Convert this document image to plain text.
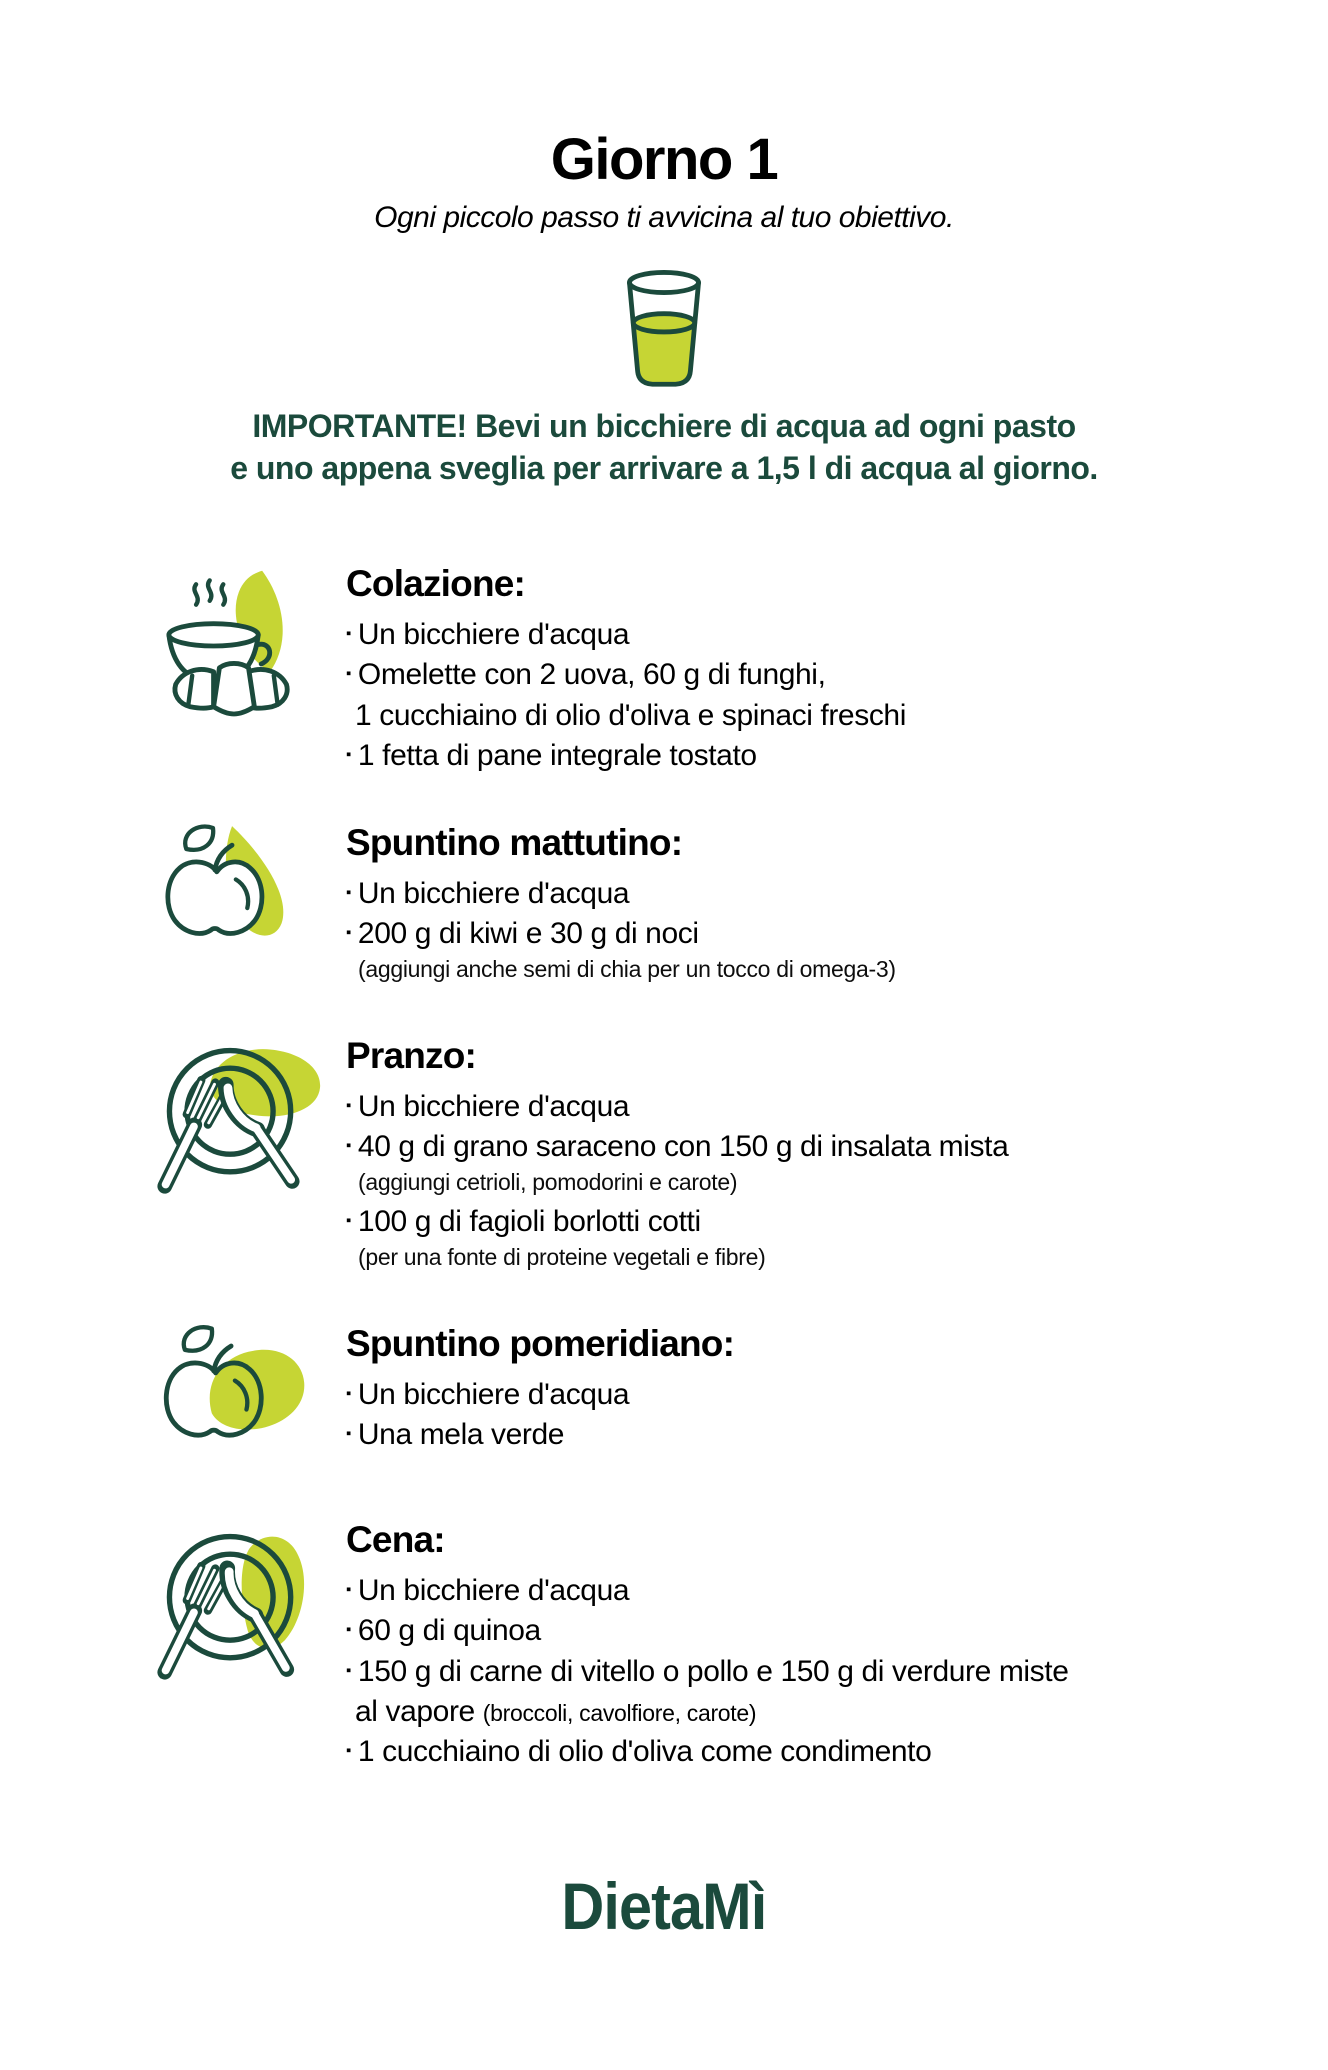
Giorno 1
Ogni piccolo passo ti avvicina al tuo obiettivo.
IMPORTANTE! Bevi un bicchiere di acqua ad ogni pasto
e uno appena sveglia per arrivare a 1,5 l di acqua al giorno.
Colazione:
▪ Un bicchiere d'acqua
▪ Omelette con 2 uova, 60 g di funghi,
1 cucchiaino di olio d'oliva e spinaci freschi
▪ 1 fetta di pane integrale tostato
Spuntino mattutino:
▪ Un bicchiere d'acqua
▪ 200 g di kiwi e 30 g di noci
(aggiungi anche semi di chia per un tocco di omega-3)
Pranzo:
▪ Un bicchiere d'acqua
▪ 40 g di grano saraceno con 150 g di insalata mista
(aggiungi cetrioli, pomodorini e carote)
▪ 100 g di fagioli borlotti cotti
(per una fonte di proteine vegetali e fibre)
Spuntino pomeridiano:
▪ Un bicchiere d'acqua
▪ Una mela verde
Cena:
▪ Un bicchiere d'acqua
▪ 60 g di quinoa
▪ 150 g di carne di vitello o pollo e 150 g di verdure miste
al vapore (broccoli, cavolfiore, carote)
▪ 1 cucchiaino di olio d'oliva come condimento
DietaMì
